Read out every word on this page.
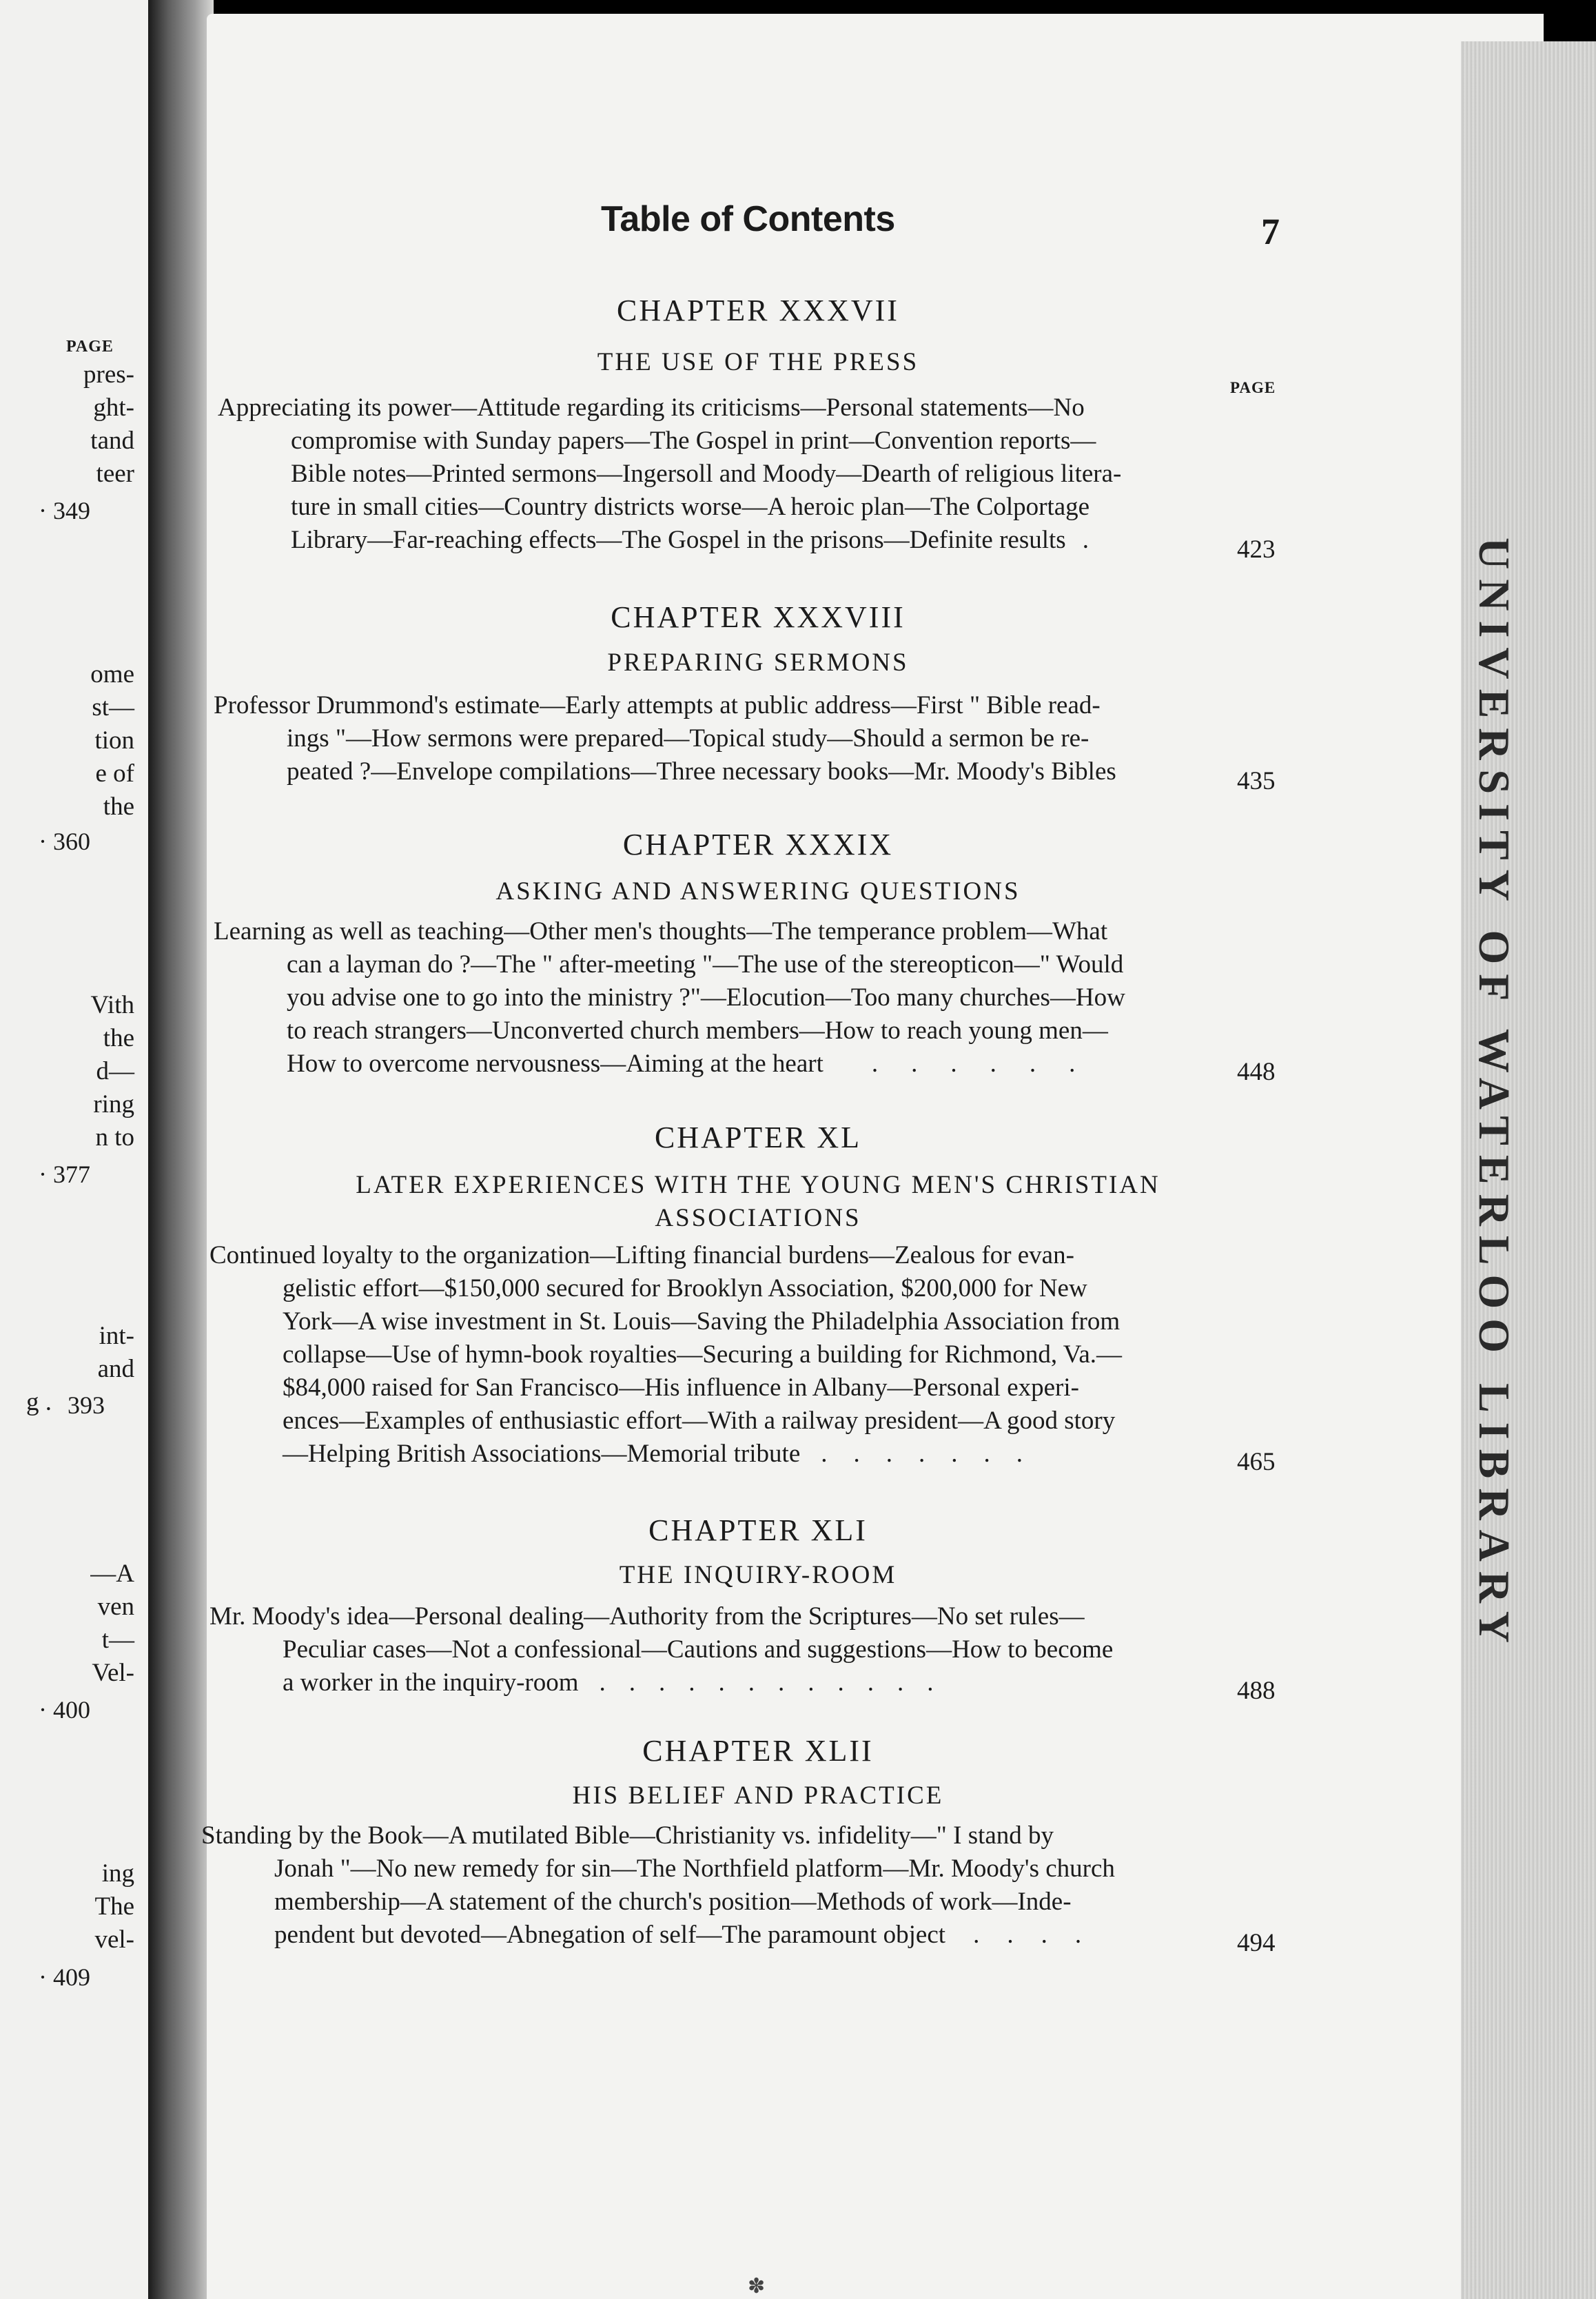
PAGE
pres-
ght-
tand
teer
· 349
ome
st—
tion
e of
the
· 360
Vith
the
d—
ring
n to
· 377
int-
and
g . 393
—A
ven
t—
Vel-
· 400
ing
The
vel-
· 409
UNIVERSITY OF WATERLOO LIBRARY
Table of Contents	7
PAGE
CHAPTER XXXVII
THE USE OF THE PRESS
Appreciating its power—Attitude regarding its criticisms—Personal statements—No
compromise with Sunday papers—The Gospel in print—Convention reports—
Bible notes—Printed sermons—Ingersoll and Moody—Dearth of religious litera-
ture in small cities—Country districts worse—A heroic plan—The Colportage
Library—Far-reaching effects—The Gospel in the prisons—Definite results .	423
CHAPTER XXXVIII
PREPARING SERMONS
Professor Drummond's estimate—Early attempts at public address—First " Bible read-
ings "—How sermons were prepared—Topical study—Should a sermon be re-
peated ?—Envelope compilations—Three necessary books—Mr. Moody's Bibles	435
CHAPTER XXXIX
ASKING AND ANSWERING QUESTIONS
Learning as well as teaching—Other men's thoughts—The temperance problem—What
can a layman do ?—The " after-meeting "—The use of the stereopticon—" Would
you advise one to go into the ministry ?"—Elocution—Too many churches—How
to reach strangers—Unconverted church members—How to reach young men—
How to overcome nervousness—Aiming at the heart ......	448
CHAPTER XL
LATER EXPERIENCES WITH THE YOUNG MEN'S CHRISTIAN ASSOCIATIONS
Continued loyalty to the organization—Lifting financial burdens—Zealous for evan-
gelistic effort—$150,000 secured for Brooklyn Association, $200,000 for New
York—A wise investment in St. Louis—Saving the Philadelphia Association from
collapse—Use of hymn-book royalties—Securing a building for Richmond, Va.—
$84,000 raised for San Francisco—His influence in Albany—Personal experi-
ences—Examples of enthusiastic effort—With a railway president—A good story
—Helping British Associations—Memorial tribute .......	465
CHAPTER XLI
THE INQUIRY-ROOM
Mr. Moody's idea—Personal dealing—Authority from the Scriptures—No set rules—
Peculiar cases—Not a confessional—Cautions and suggestions—How to become
a worker in the inquiry-room ............	488
CHAPTER XLII
HIS BELIEF AND PRACTICE
Standing by the Book—A mutilated Bible—Christianity vs. infidelity—" I stand by
Jonah "—No new remedy for sin—The Northfield platform—Mr. Moody's church
membership—A statement of the church's position—Methods of work—Inde-
pendent but devoted—Abnegation of self—The paramount object ....	494
✽
